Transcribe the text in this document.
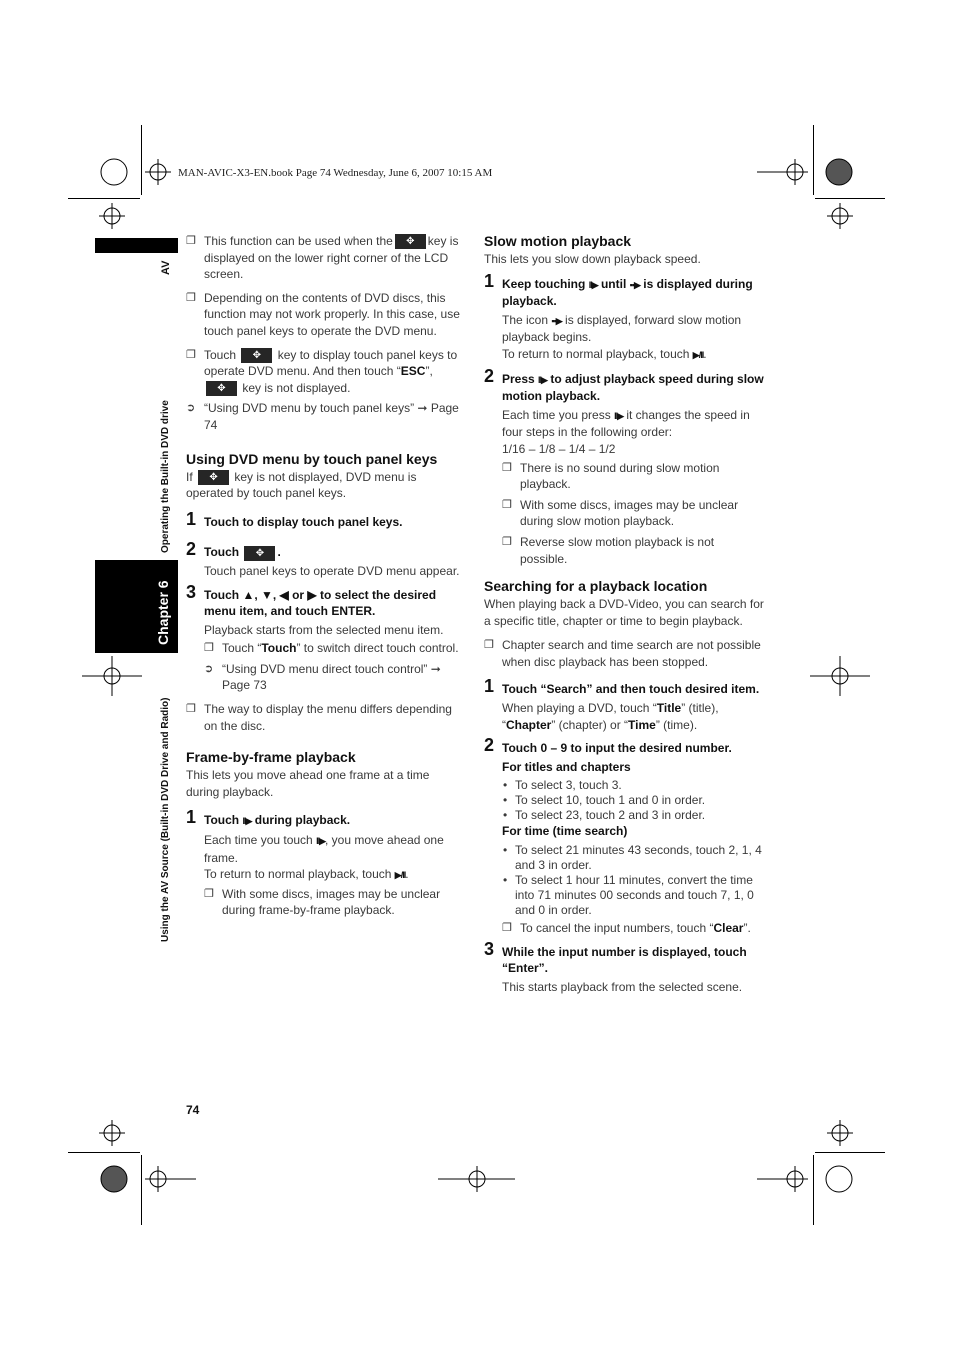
MAN-AVIC-X3-EN.book Page 74 Wednesday, June 6, 2007 10:15 AM
AV
Operating the Built-in DVD drive
Chapter 6
Using the AV Source (Built-in DVD Drive and Radio)
❐ This function can be used when the✥	key is displayed on the lower right corner of the LCD screen.
❐ Depending on the contents of DVD discs, this function may not work properly. In this case, use touch panel keys to operate the DVD menu.
❐ Touch ✥	key to display touch panel keys to operate DVD menu. And then touch “ESC”,
✥ key is not displayed.
➲ “Using DVD menu by touch panel keys” ➞ Page 74
Using DVD menu by touch panel keys
If ✥	key is not displayed, DVD menu is operated by touch panel keys.
1 Touch to display touch panel keys.
2 Touch ✥	.
Touch panel keys to operate DVD menu appear.
3 Touch ▲, ▼, ◀ or ▶ to select the desired menu item, and touch ENTER.
Playback starts from the selected menu item.
❐ Touch “Touch” to switch direct touch control.
➲ “Using DVD menu direct touch control” ➞ Page 73
❐ The way to display the menu differs depending on the disc.
Frame-by-frame playback
This lets you move ahead one frame at a time during playback.
1 Touch II▶ during playback.
Each time you touch II▶, you move ahead one frame.
To return to normal playback, touch ▶/II.
❐ With some discs, images may be unclear during frame-by-frame playback.
Slow motion playback
This lets you slow down playback speed.
1 Keep touching II▶ until ▪▪▶ is displayed during playback.
The icon ▪▪▶ is displayed, forward slow motion playback begins.
To return to normal playback, touch ▶/II.
2 Press II▶ to adjust playback speed during slow motion playback.
Each time you press II▶ it changes the speed in four steps in the following order:
1/16 – 1/8 – 1/4 – 1/2
❐ There is no sound during slow motion playback.
❐ With some discs, images may be unclear during slow motion playback.
❐ Reverse slow motion playback is not possible.
Searching for a playback location
When playing back a DVD-Video, you can search for a specific title, chapter or time to begin playback.
❐ Chapter search and time search are not possible when disc playback has been stopped.
1 Touch “Search” and then touch desired item.
When playing a DVD, touch “Title” (title), “Chapter” (chapter) or “Time” (time).
2 Touch 0 – 9 to input the desired number.
For titles and chapters
• To select 3, touch 3.
• To select 10, touch 1 and 0 in order.
• To select 23, touch 2 and 3 in order.
For time (time search)
• To select 21 minutes 43 seconds, touch 2, 1, 4 and 3 in order.
• To select 1 hour 11 minutes, convert the time into 71 minutes 00 seconds and touch 7, 1, 0 and 0 in order.
❐ To cancel the input numbers, touch “Clear”.
3 While the input number is displayed, touch “Enter”.
This starts playback from the selected scene.
74
